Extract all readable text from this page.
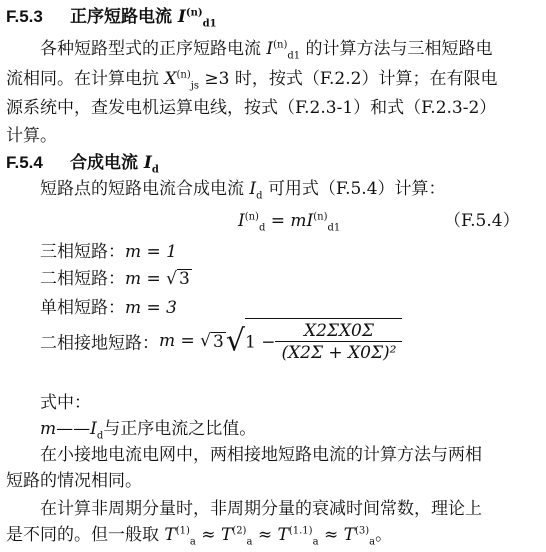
F.5.3 正序短路电流 $I^{(n)}_{d1}$
各种短路型式的正序短路电流 $I^{(n)}_{d1}$ 的计算方法与三相短路电
流相同。在计算电抗 $X^{(n)}_{js} \ge 3$ 时，按式（F.2.2）计算；在有限电
源系统中，查发电机运算电线，按式（F.2.3-1）和式（F.2.3-2）
计算。
F.5.4 合成电流 $I_d$
短路点的短路电流合成电流 $I_d$ 可用式（F.5.4）计算：
$I^{(n)}_d = mI^{(n)}_{d1}$	（F.5.4）
三相短路：m = 1
二相短路：m = √ 3
单相短路：m = 3
二相接地短路：m = √ $3√1 - \frac{X2\Sigma X0\Sigma}{\text{(X2Σ + X0Σ)²}}$
式中：
$m——I_d$与正序电流之比值。
在小接地电流电网中，两相接地短路电流的计算方法与两相
短路的情况相同。
在计算非周期分量时，非周期分量的衰减时间常数，理论上
是不同的。但一般取 $T^{(1)}_a \approx T^{(2)}_a \approx T^{(1.1)}_a \approx T^{(3)}_a$。
